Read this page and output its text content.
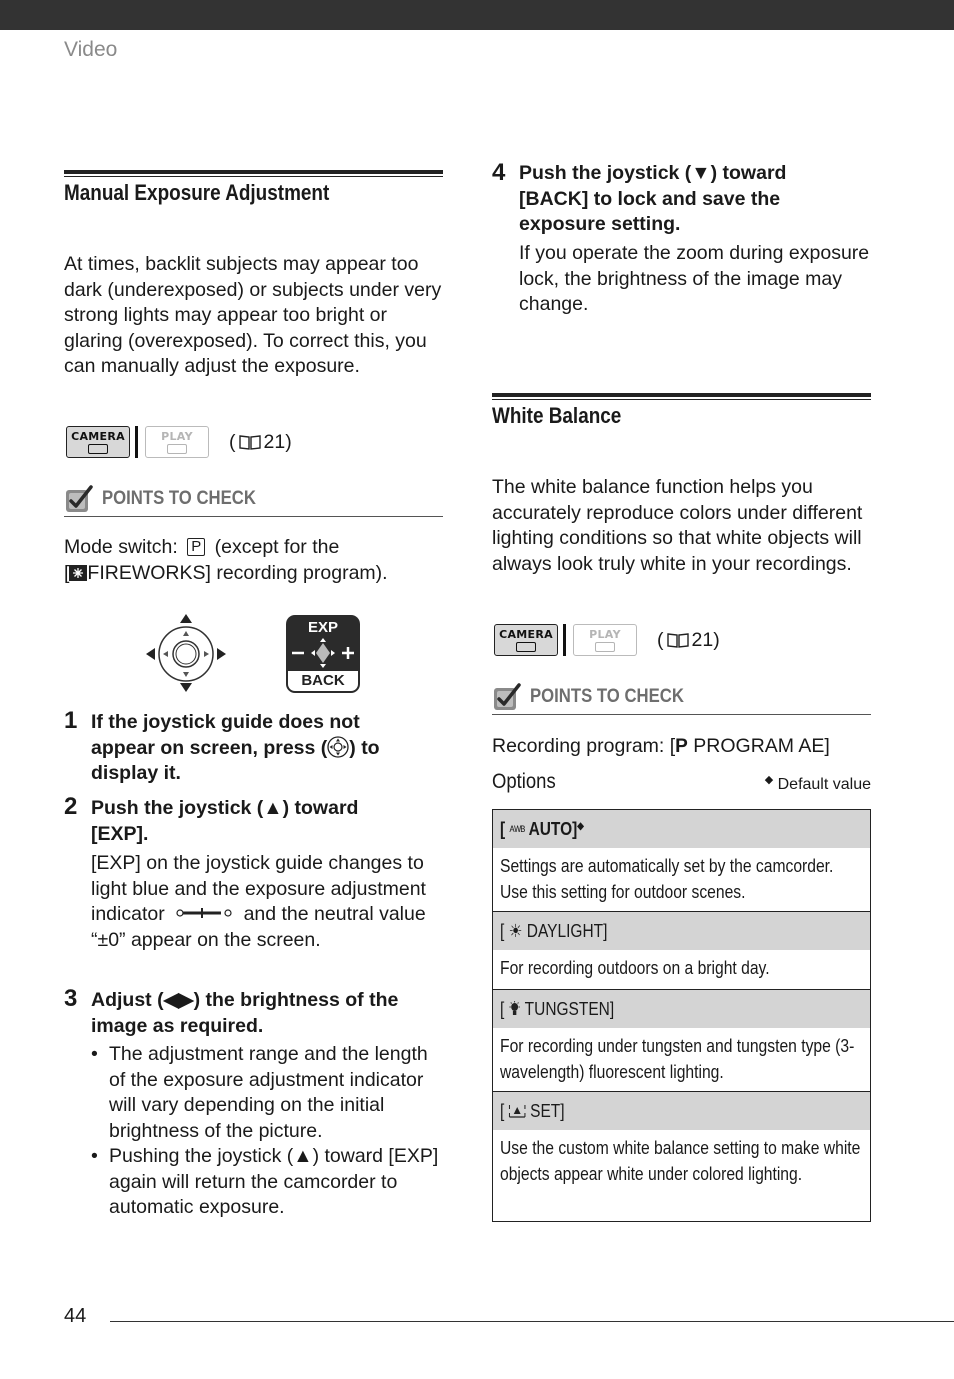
Video
Manual Exposure Adjustment
At times, backlit subjects may appear too dark (underexposed) or subjects under very strong lights may appear too bright or glaring (overexposed). To correct this, you can manually adjust the exposure.
CAMERA	PLAY ( 21)
POINTS TO CHECK
Mode switch: P (except for the
[ FIREWORKS] recording program).
EXP
BACK
1 If the joystick guide does not
appear on screen, press ( ) to
display it.
2 Push the joystick (▲) toward
[EXP].
[EXP] on the joystick guide changes to light blue and the exposure adjustment indicator	and the neutral value “±0” appear on the screen.
3 Adjust (◀▶) the brightness of the
image as required.
• The adjustment range and the length of the exposure adjustment indicator will vary depending on the initial brightness of the picture.
• Pushing the joystick (▲) toward [EXP] again will return the camcorder to automatic exposure.
4 Push the joystick (▼) toward
[BACK] to lock and save the
exposure setting.
If you operate the zoom during exposure lock, the brightness of the image may change.
White Balance
The white balance function helps you accurately reproduce colors under different lighting conditions so that white objects will always look truly white in your recordings.
CAMERA	PLAY ( 21)
POINTS TO CHECK
Recording program: [P PROGRAM AE]
Options	◆ Default value
[ ᴬᵂᴮ AUTO]◆
Settings are automatically set by the camcorder. Use this setting for outdoor scenes.
[ ☀ DAYLIGHT]
For recording outdoors on a bright day.
[  TUNGSTEN]
For recording under tungsten and tungsten type (3-wavelength) fluorescent lighting.
[  SET]
Use the custom white balance setting to make white objects appear white under colored lighting.
44
